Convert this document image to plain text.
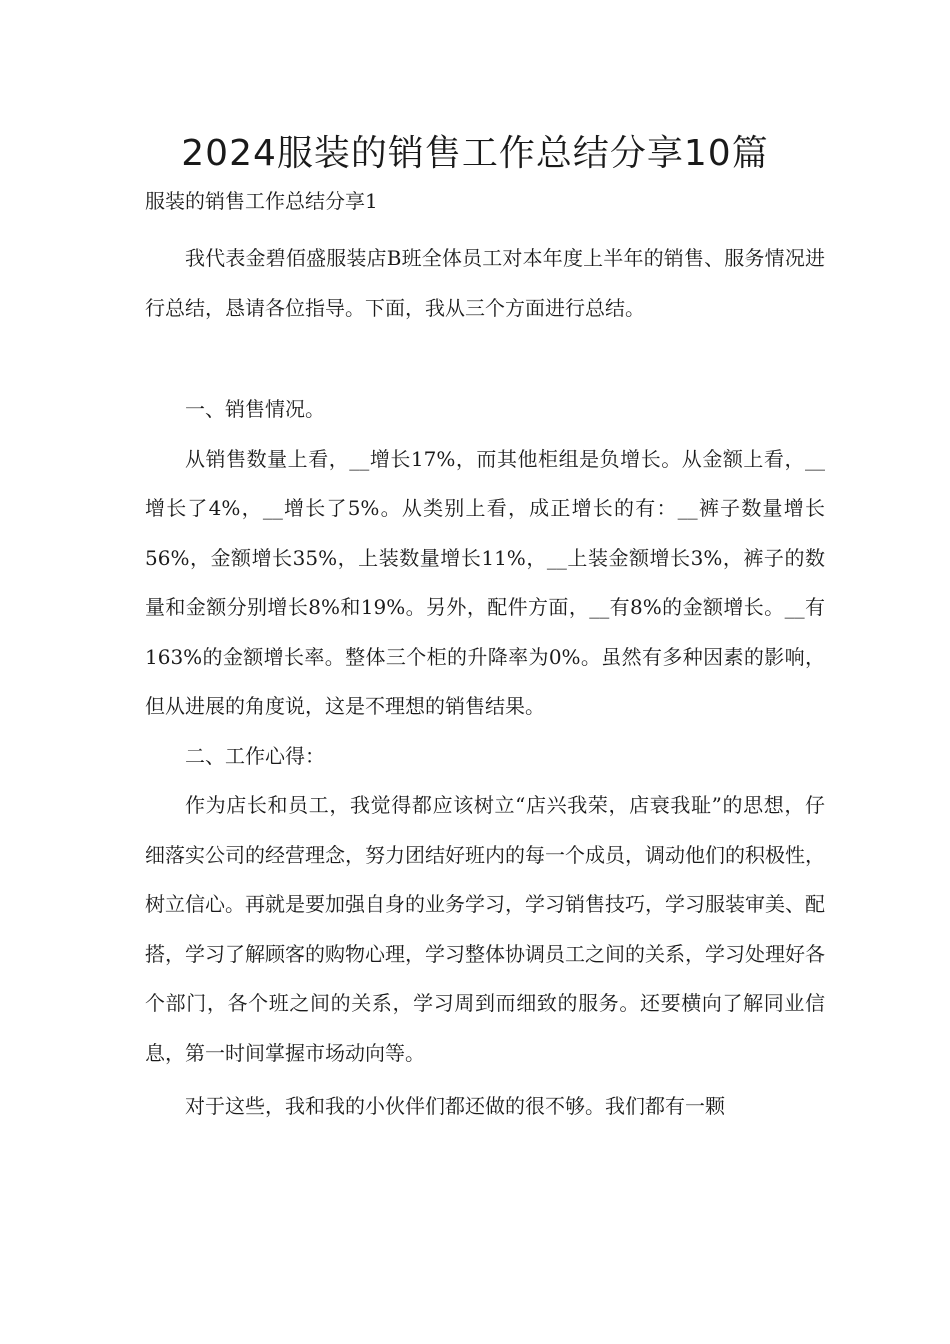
2024服装的销售工作总结分享10篇

服装的销售工作总结分享1

我代表金碧佰盛服装店B班全体员工对本年度上半年的销售、服务情况进行总结，恳请各位指导。下面，我从三个方面进行总结。

一、销售情况。

从销售数量上看，__增长17%，而其他柜组是负增长。从金额上看，__增长了4%，__增长了5%。从类别上看，成正增长的有：__裤子数量增长56%，金额增长35%，上装数量增长11%，__上装金额增长3%，裤子的数量和金额分别增长8%和19%。另外，配件方面，__有8%的金额增长。__有163%的金额增长率。整体三个柜的升降率为0%。虽然有多种因素的影响，但从进展的角度说，这是不理想的销售结果。

二、工作心得：

作为店长和员工，我觉得都应该树立“店兴我荣，店衰我耻”的思想，仔细落实公司的经营理念，努力团结好班内的每一个成员，调动他们的积极性，树立信心。再就是要加强自身的业务学习，学习销售技巧，学习服装审美、配搭，学习了解顾客的购物心理，学习整体协调员工之间的关系，学习处理好各个部门，各个班之间的关系，学习周到而细致的服务。还要横向了解同业信息，第一时间掌握市场动向等。

对于这些，我和我的小伙伴们都还做的很不够。我们都有一颗
